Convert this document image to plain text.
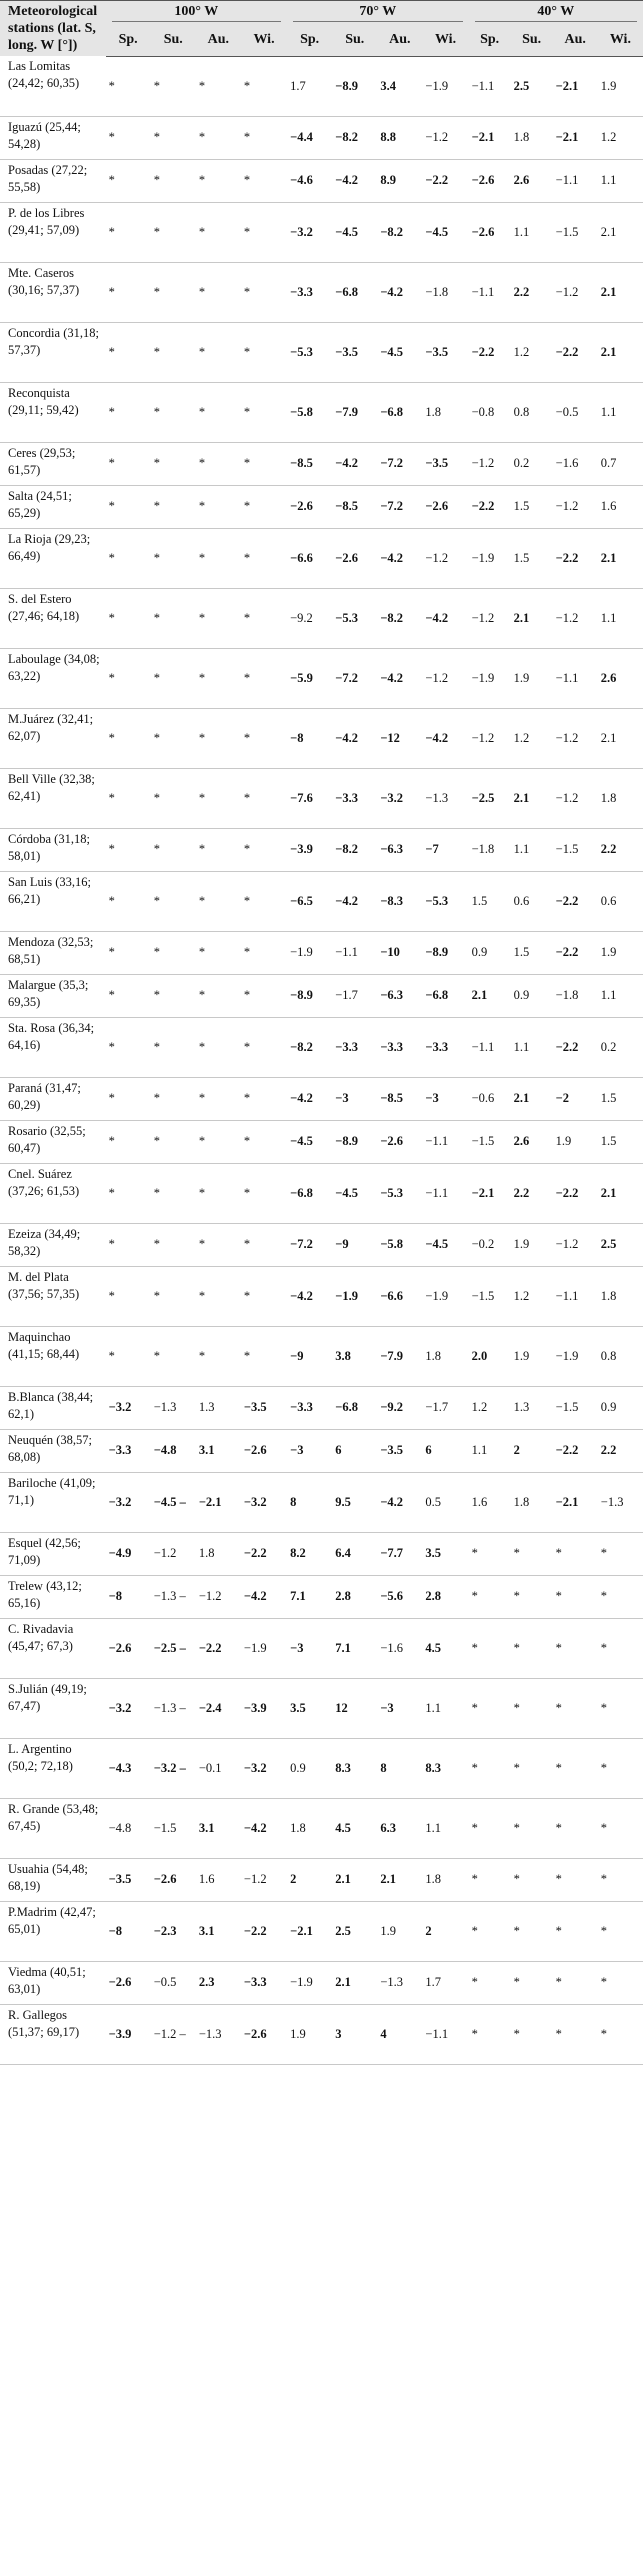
Meteorological stations (lat. S, long. W [°])	100° W				70° W				40° W			

	Sp.	Su.	Au.	Wi.	Sp.	Su.	Au.	Wi.	Sp.	Su.	Au.	Wi.
Las Lomitas (24,42; 60,35)	*	*	*	*	1.7	−8.9	3.4	−1.9	−1.1	2.5	−2.1	1.9
Iguazú (25,44; 54,28)	*	*	*	*	−4.4	−8.2	8.8	−1.2	−2.1	1.8	−2.1	1.2
Posadas (27,22; 55,58)	*	*	*	*	−4.6	−4.2	8.9	−2.2	−2.6	2.6	−1.1	1.1
P. de los Libres (29,41; 57,09)	*	*	*	*	−3.2	−4.5	−8.2	−4.5	−2.6	1.1	−1.5	2.1
Mte. Caseros (30,16; 57,37)	*	*	*	*	−3.3	−6.8	−4.2	−1.8	−1.1	2.2	−1.2	2.1
Concordia (31,18; 57,37)	*	*	*	*	−5.3	−3.5	−4.5	−3.5	−2.2	1.2	−2.2	2.1
Reconquista (29,11; 59,42)	*	*	*	*	−5.8	−7.9	−6.8	1.8	−0.8	0.8	−0.5	1.1
Ceres (29,53; 61,57)	*	*	*	*	−8.5	−4.2	−7.2	−3.5	−1.2	0.2	−1.6	0.7
Salta (24,51; 65,29)	*	*	*	*	−2.6	−8.5	−7.2	−2.6	−2.2	1.5	−1.2	1.6
La Rioja (29,23; 66,49)	*	*	*	*	−6.6	−2.6	−4.2	−1.2	−1.9	1.5	−2.2	2.1
S. del Estero (27,46; 64,18)	*	*	*	*	−9.2	−5.3	−8.2	−4.2	−1.2	2.1	−1.2	1.1
Laboulage (34,08; 63,22)	*	*	*	*	−5.9	−7.2	−4.2	−1.2	−1.9	1.9	−1.1	2.6
M.Juárez (32,41; 62,07)	*	*	*	*	−8	−4.2	−12	−4.2	−1.2	1.2	−1.2	2.1
Bell Ville (32,38; 62,41)	*	*	*	*	−7.6	−3.3	−3.2	−1.3	−2.5	2.1	−1.2	1.8
Córdoba (31,18; 58,01)	*	*	*	*	−3.9	−8.2	−6.3	−7	−1.8	1.1	−1.5	2.2
San Luis (33,16; 66,21)	*	*	*	*	−6.5	−4.2	−8.3	−5.3	1.5	0.6	−2.2	0.6
Mendoza (32,53; 68,51)	*	*	*	*	−1.9	−1.1	−10	−8.9	0.9	1.5	−2.2	1.9
Malargue (35,3; 69,35)	*	*	*	*	−8.9	−1.7	−6.3	−6.8	2.1	0.9	−1.8	1.1
Sta. Rosa (36,34; 64,16)	*	*	*	*	−8.2	−3.3	−3.3	−3.3	−1.1	1.1	−2.2	0.2
Paraná (31,47; 60,29)	*	*	*	*	−4.2	−3	−8.5	−3	−0.6	2.1	−2	1.5
Rosario (32,55; 60,47)	*	*	*	*	−4.5	−8.9	−2.6	−1.1	−1.5	2.6	1.9	1.5
Cnel. Suárez (37,26; 61,53)	*	*	*	*	−6.8	−4.5	−5.3	−1.1	−2.1	2.2	−2.2	2.1
Ezeiza (34,49; 58,32)	*	*	*	*	−7.2	−9	−5.8	−4.5	−0.2	1.9	−1.2	2.5
M. del Plata (37,56; 57,35)	*	*	*	*	−4.2	−1.9	−6.6	−1.9	−1.5	1.2	−1.1	1.8
Maquinchao (41,15; 68,44)	*	*	*	*	−9	3.8	−7.9	1.8	2.0	1.9	−1.9	0.8
B.Blanca (38,44; 62,1)	−3.2	−1.3	1.3	−3.5	−3.3	−6.8	−9.2	−1.7	1.2	1.3	−1.5	0.9
Neuquén (38,57; 68,08)	−3.3	−4.8	3.1	−2.6	−3	6	−3.5	6	1.1	2	−2.2	2.2
Bariloche (41,09; 71,1)	−3.2	−4.5 –	−2.1	−3.2	8	9.5	−4.2	0.5	1.6	1.8	−2.1	−1.3
Esquel (42,56; 71,09)	−4.9	−1.2	1.8	−2.2	8.2	6.4	−7.7	3.5	*	*	*	*
Trelew (43,12; 65,16)	−8	−1.3 –	−1.2	−4.2	7.1	2.8	−5.6	2.8	*	*	*	*
C. Rivadavia (45,47; 67,3)	−2.6	−2.5 –	−2.2	−1.9	−3	7.1	−1.6	4.5	*	*	*	*
S.Julián (49,19; 67,47)	−3.2	−1.3 –	−2.4	−3.9	3.5	12	−3	1.1	*	*	*	*
L. Argentino (50,2; 72,18)	−4.3	−3.2 –	−0.1	−3.2	0.9	8.3	8	8.3	*	*	*	*
R. Grande (53,48; 67,45)	−4.8	−1.5	3.1	−4.2	1.8	4.5	6.3	1.1	*	*	*	*
Usuahia (54,48; 68,19)	−3.5	−2.6	1.6	−1.2	2	2.1	2.1	1.8	*	*	*	*
P.Madrim (42,47; 65,01)	−8	−2.3	3.1	−2.2	−2.1	2.5	1.9	2	*	*	*	*
Viedma (40,51; 63,01)	−2.6	−0.5	2.3	−3.3	−1.9	2.1	−1.3	1.7	*	*	*	*
R. Gallegos (51,37; 69,17)	−3.9	−1.2 –	−1.3	−2.6	1.9	3	4	−1.1	*	*	*	*
